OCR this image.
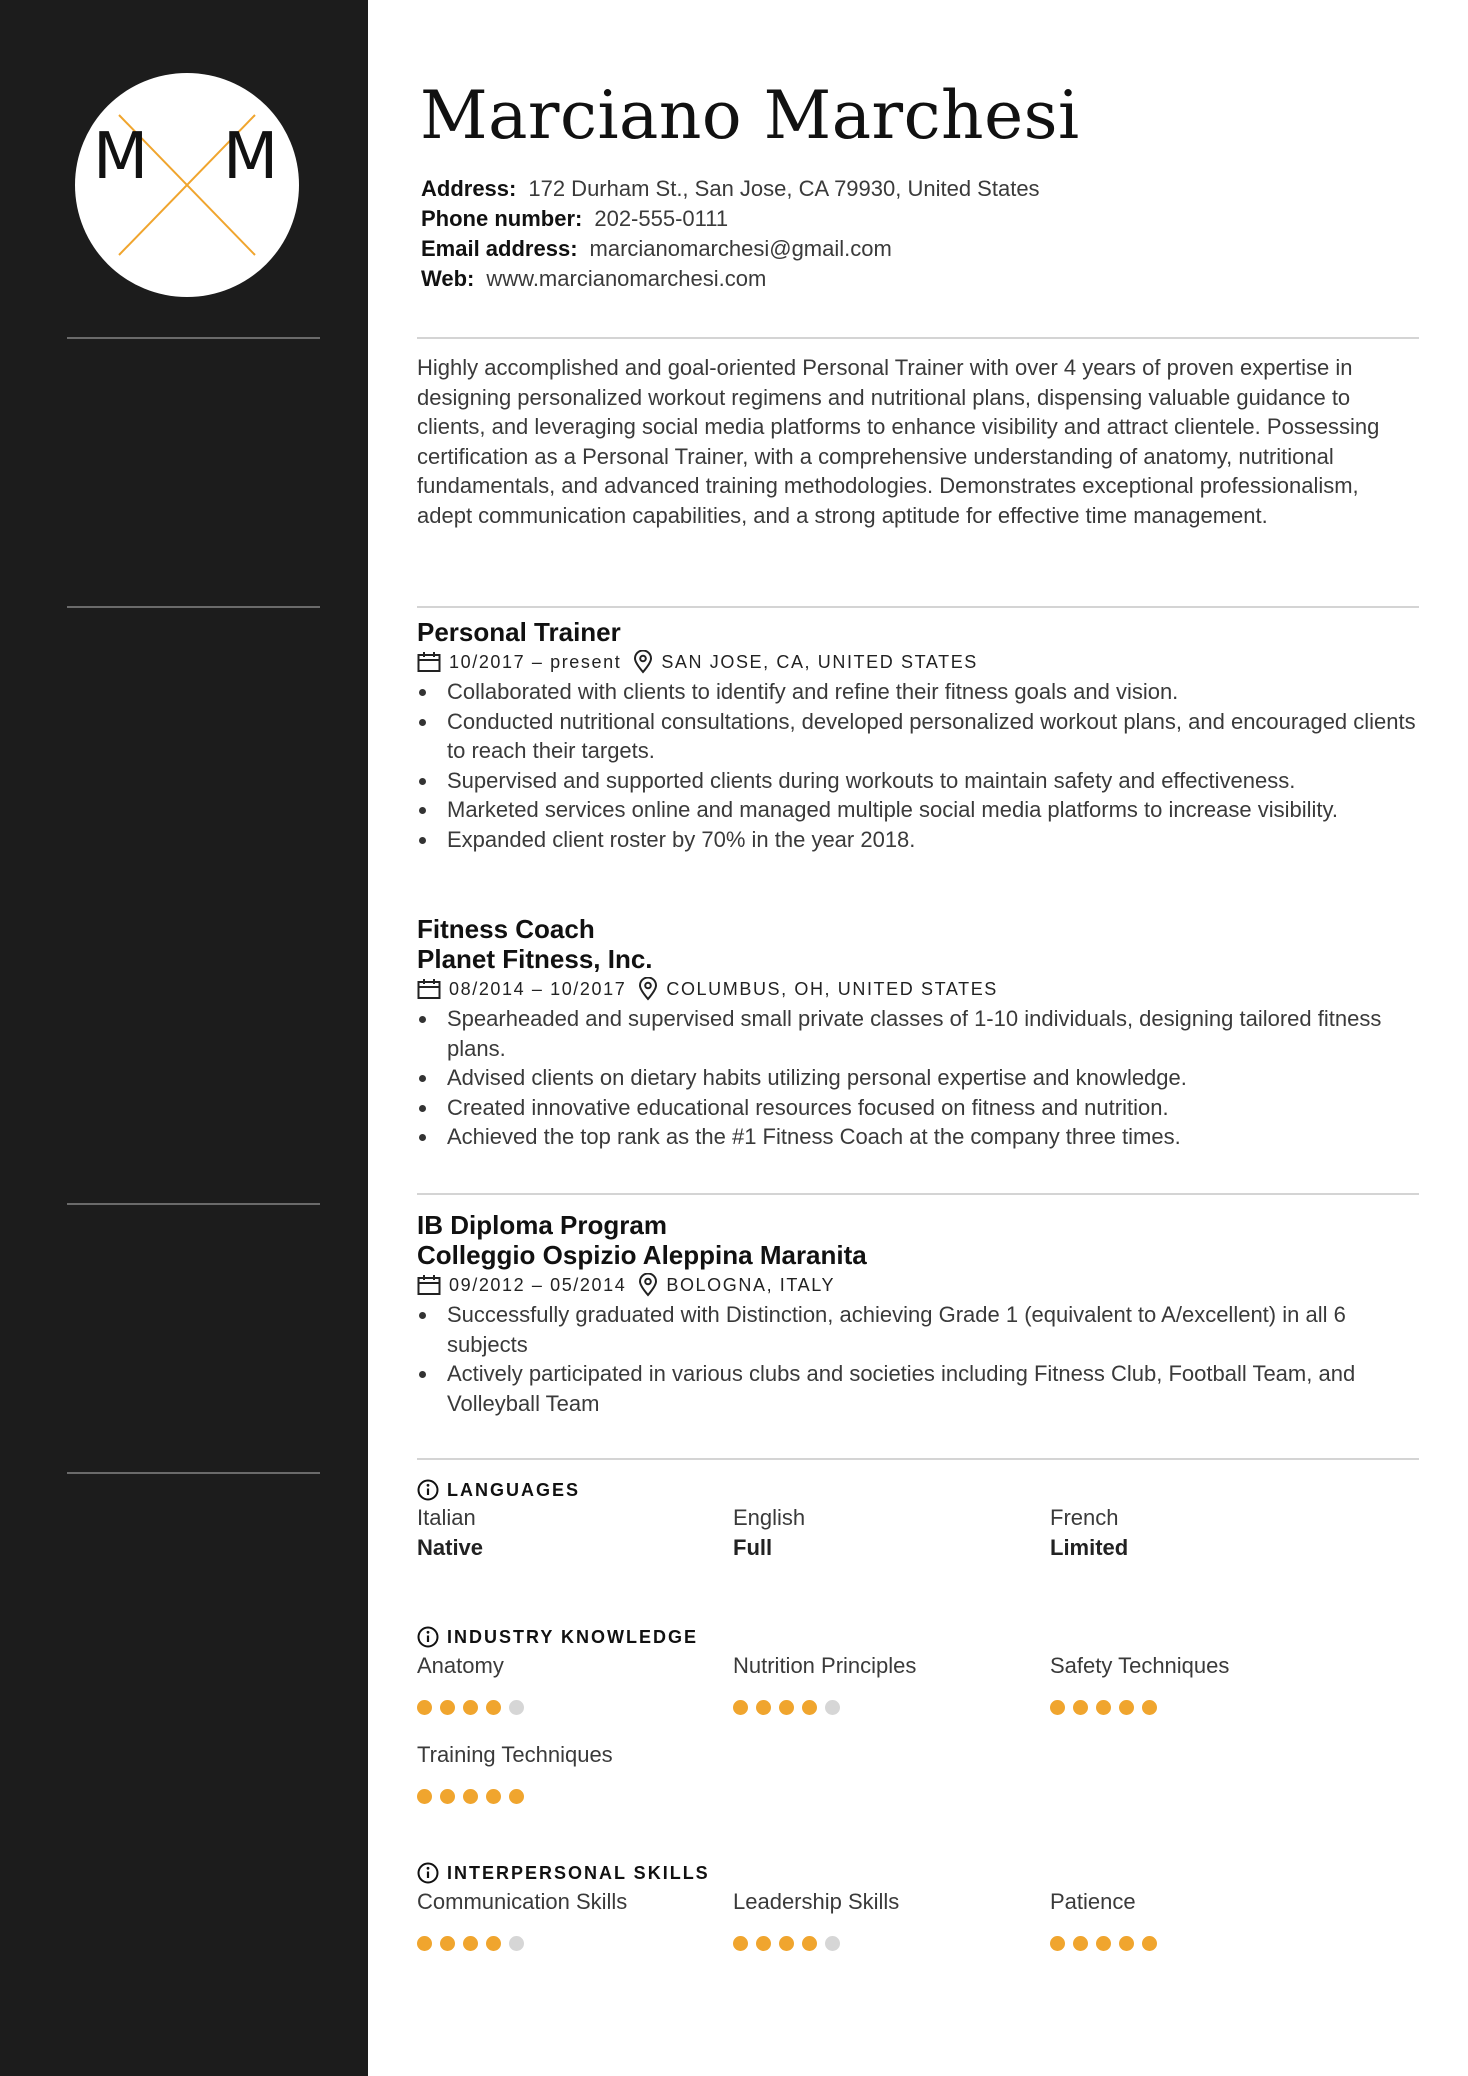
M M
Marciano Marchesi
Address: 172 Durham St., San Jose, CA 79930, United States
Phone number: 202-555-0111
Email address: marcianomarchesi@gmail.com
Web: www.marcianomarchesi.com
Highly accomplished and goal-oriented Personal Trainer with over 4 years of proven expertise in designing personalized workout regimens and nutritional plans, dispensing valuable guidance to clients, and leveraging social media platforms to enhance visibility and attract clientele. Possessing certification as a Personal Trainer, with a comprehensive understanding of anatomy, nutritional fundamentals, and advanced training methodologies. Demonstrates exceptional professionalism, adept communication capabilities, and a strong aptitude for effective time management.
Personal Trainer
10/2017 – present SAN JOSE, CA, UNITED STATES
Collaborated with clients to identify and refine their fitness goals and vision.
Conducted nutritional consultations, developed personalized workout plans, and encouraged clients to reach their targets.
Supervised and supported clients during workouts to maintain safety and effectiveness.
Marketed services online and managed multiple social media platforms to increase visibility.
Expanded client roster by 70% in the year 2018.
Fitness Coach
Planet Fitness, Inc.
08/2014 – 10/2017 COLUMBUS, OH, UNITED STATES
Spearheaded and supervised small private classes of 1-10 individuals, designing tailored fitness plans.
Advised clients on dietary habits utilizing personal expertise and knowledge.
Created innovative educational resources focused on fitness and nutrition.
Achieved the top rank as the #1 Fitness Coach at the company three times.
IB Diploma Program
Colleggio Ospizio Aleppina Maranita
09/2012 – 05/2014 BOLOGNA, ITALY
Successfully graduated with Distinction, achieving Grade 1 (equivalent to A/excellent) in all 6 subjects
Actively participated in various clubs and societies including Fitness Club, Football Team, and Volleyball Team
LANGUAGES
Italian
Native
English
Full
French
Limited
INDUSTRY KNOWLEDGE
Anatomy	Nutrition Principles	Safety Techniques
Training Techniques
INTERPERSONAL SKILLS
Communication Skills	Leadership Skills	Patience
